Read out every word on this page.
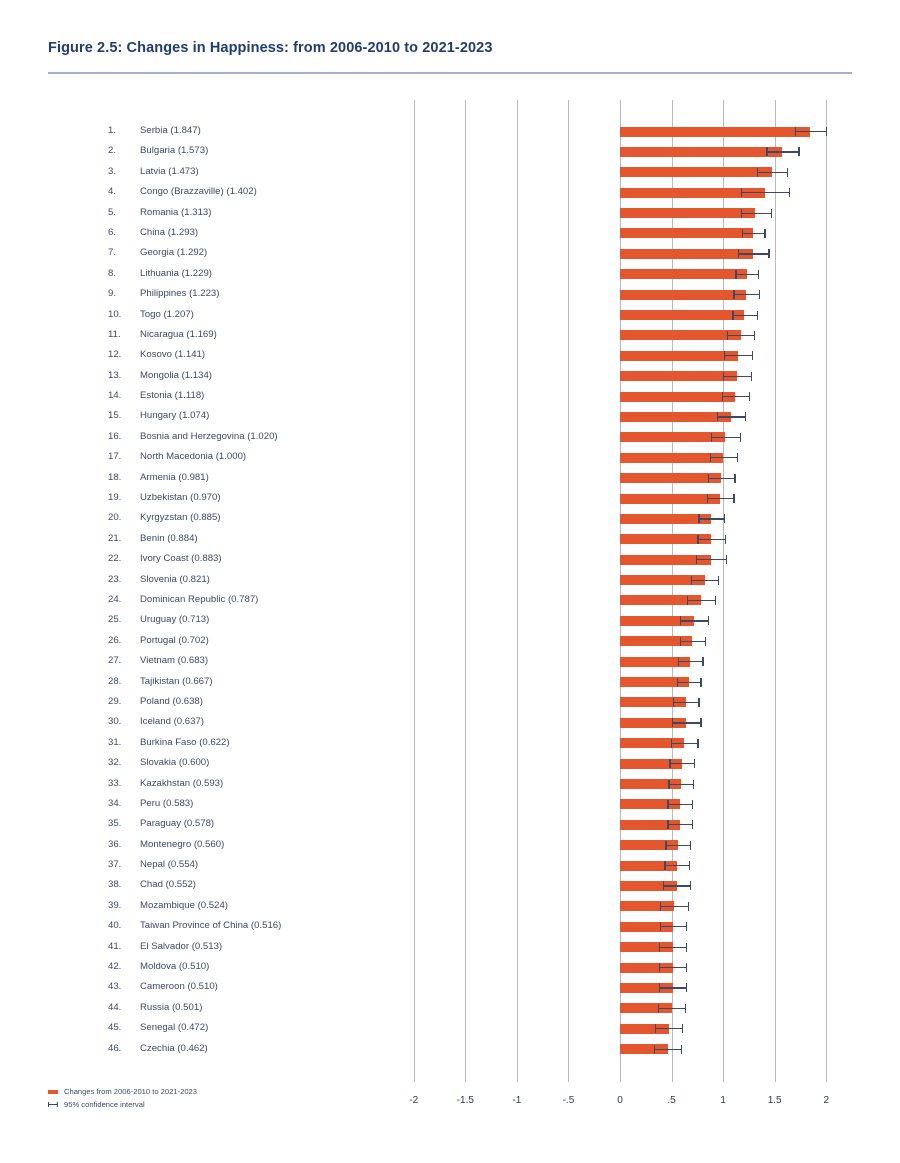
Figure 2.5: Changes in Happiness: from 2006-2010 to 2021-2023
-2	-1.5	-1	-.5	0	.5	1	1.5	2
1.	Serbia (1.847)
2.	Bulgaria (1.573)
3.	Latvia (1.473)
4.	Congo (Brazzaville) (1.402)
5.	Romania (1.313)
6.	China (1.293)
7.	Georgia (1.292)
8.	Lithuania (1.229)
9.	Philippines (1.223)
10.	Togo (1.207)
11.	Nicaragua (1.169)
12.	Kosovo (1.141)
13.	Mongolia (1.134)
14.	Estonia (1.118)
15.	Hungary (1.074)
16.	Bosnia and Herzegovina (1.020)
17.	North Macedonia (1.000)
18.	Armenia (0.981)
19.	Uzbekistan (0.970)
20.	Kyrgyzstan (0.885)
21.	Benin (0.884)
22.	Ivory Coast (0.883)
23.	Slovenia (0.821)
24.	Dominican Republic (0.787)
25.	Uruguay (0.713)
26.	Portugal (0.702)
27.	Vietnam (0.683)
28.	Tajikistan (0.667)
29.	Poland (0.638)
30.	Iceland (0.637)
31.	Burkina Faso (0.622)
32.	Slovakia (0.600)
33.	Kazakhstan (0.593)
34.	Peru (0.583)
35.	Paraguay (0.578)
36.	Montenegro (0.560)
37.	Nepal (0.554)
38.	Chad (0.552)
39.	Mozambique (0.524)
40.	Taiwan Province of China (0.516)
41.	El Salvador (0.513)
42.	Moldova (0.510)
43.	Cameroon (0.510)
44.	Russia (0.501)
45.	Senegal (0.472)
46.	Czechia (0.462)
Changes from 2006-2010 to 2021-2023
95% confidence interval
